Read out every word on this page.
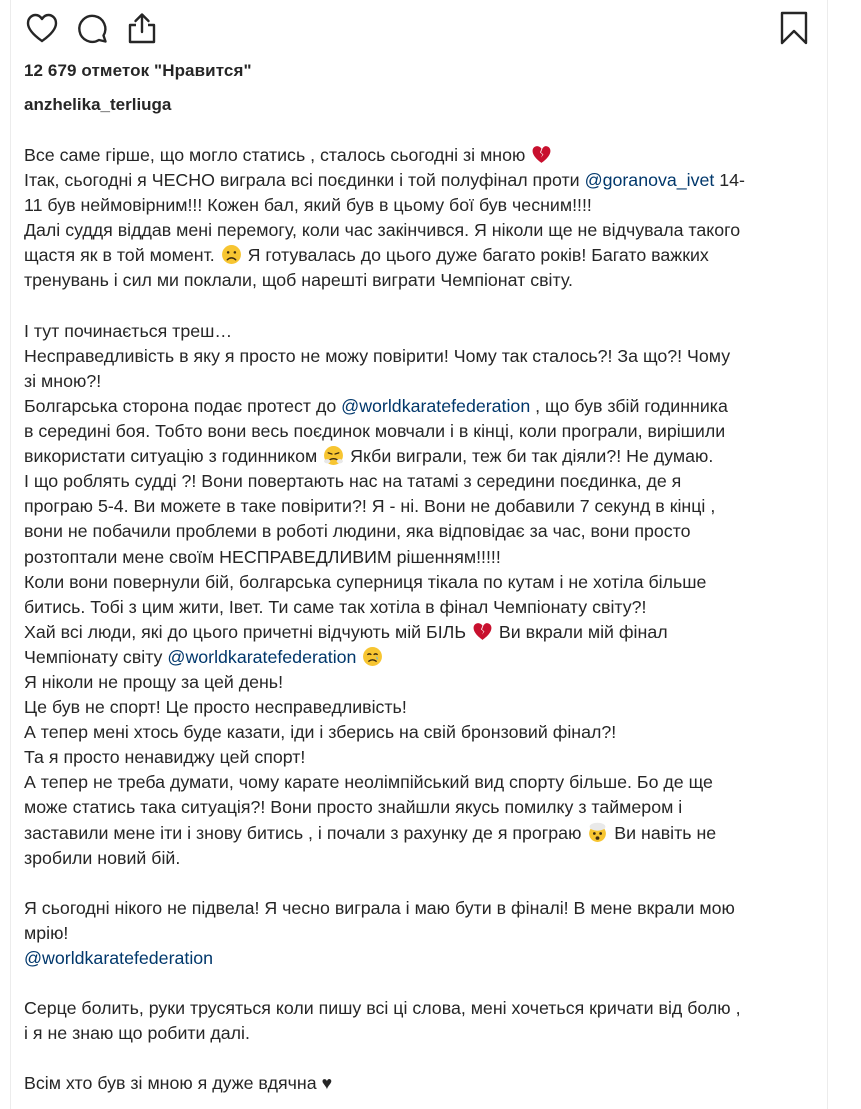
12 679 отметок "Нравится"
anzhelika_terliuga
Все саме гірше, що могло статись , сталось сьогодні зі мною
Ітак, сьогодні я ЧЕСНО виграла всі поєдинки і той полуфінал проти @goranova_ivet 14-
11 був неймовірним!!! Кожен бал, який був в цьому бої був чесним!!!!
Далі суддя віддав мені перемогу, коли час закінчився. Я ніколи ще не відчувала такого
щастя як в той момент.
Я готувалась до цього дуже багато років! Багато важких
тренувань і сил ми поклали, щоб нарешті виграти Чемпіонат світу.
І тут починається треш…
Несправедливість в яку я просто не можу повірити! Чому так сталось?! За що?! Чому
зі мною?!
Болгарська сторона подає протест до @worldkaratefederation , що був збій годинника
в середині боя. Тобто вони весь поєдинок мовчали і в кінці, коли програли, вирішили
використати ситуацію з годинником
Якби виграли, теж би так діяли?! Не думаю.
І що роблять судді ?! Вони повертають нас на татамі з середини поєдинка, де я
програю 5-4. Ви можете в таке повірити?! Я - ні. Вони не добавили 7 секунд в кінці ,
вони не побачили проблеми в роботі людини, яка відповідає за час, вони просто
розтоптали мене своїм НЕСПРАВЕДЛИВИМ рішенням!!!!!
Коли вони повернули бій, болгарська суперниця тікала по кутам і не хотіла більше
битись. Тобі з цим жити, Івет. Ти саме так хотіла в фінал Чемпіонату світу?!
Хай всі люди, які до цього причетні відчують мій БІЛЬ
Ви вкрали мій фінал
Чемпіонату світу @worldkaratefederation
Я ніколи не прощу за цей день!
Це був не спорт! Це просто несправедливість!
А тепер мені хтось буде казати, іди і зберись на свій бронзовий фінал?!
Та я просто ненавиджу цей спорт!
А тепер не треба думати, чому карате неолімпійський вид спорту більше. Бо де ще
може статись така ситуація?! Вони просто знайшли якусь помилку з таймером і
заставили мене іти і знову битись , і почали з рахунку де я програю
Ви навіть не
зробили новий бій.
Я сьогодні нікого не підвела! Я чесно виграла і маю бути в фіналі! В мене вкрали мою
мрію!
@worldkaratefederation
Серце болить, руки трусяться коли пишу всі ці слова, мені хочеться кричати від болю ,
і я не знаю що робити далі.
Всім хто був зі мною я дуже вдячна ♥
